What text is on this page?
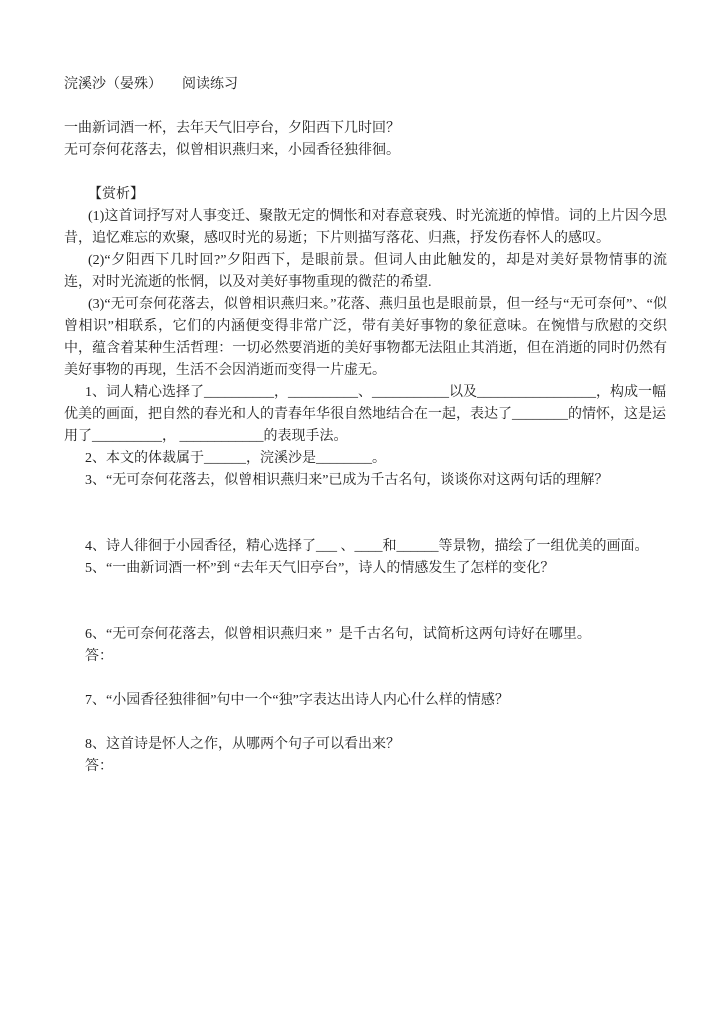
浣溪沙（晏殊） 阅读练习

一曲新词酒一杯，去年天气旧亭台，夕阳西下几时回？

无可奈何花落去，似曾相识燕归来，小园香径独徘徊。

【赏析】

(1)这首词抒写对人事变迁、聚散无定的惆怅和对春意衰残、时光流逝的悼惜。词的上片因今思昔，追忆难忘的欢聚，感叹时光的易逝；下片则描写落花、归燕，抒发伤春怀人的感叹。

(2)“夕阳西下几时回?”夕阳西下，是眼前景。但词人由此触发的，却是对美好景物情事的流连，对时光流逝的怅惘，以及对美好事物重现的微茫的希望.

(3)“无可奈何花落去，似曾相识燕归来。”花落、燕归虽也是眼前景，但一经与“无可奈何”、“似曾相识”相联系，它们的内涵便变得非常广泛，带有美好事物的象征意味。在惋惜与欣慰的交织中，蕴含着某种生活哲理：一切必然要消逝的美好事物都无法阻止其消逝，但在消逝的同时仍然有美好事物的再现，生活不会因消逝而变得一片虚无。

1、词人精心选择了__________，__________、___________以及_________________，构成一幅优美的画面，把自然的春光和人的青春年华很自然地结合在一起，表达了________的情怀，这是运用了__________， ____________的表现手法。

2、本文的体裁属于______，浣溪沙是________。

3、“无可奈何花落去，似曾相识燕归来”已成为千古名句，谈谈你对这两句话的理解？

4、诗人徘徊于小园香径，精心选择了___ 、____和______等景物，描绘了一组优美的画面。

5、“一曲新词酒一杯”到 “去年天气旧亭台”，诗人的情感发生了怎样的变化？

6、“无可奈何花落去，似曾相识燕归来 ”  是千古名句，试简析这两句诗好在哪里。

答：

7、“小园香径独徘徊”句中一个“独”字表达出诗人内心什么样的情感？

8、这首诗是怀人之作，从哪两个句子可以看出来？

答：
